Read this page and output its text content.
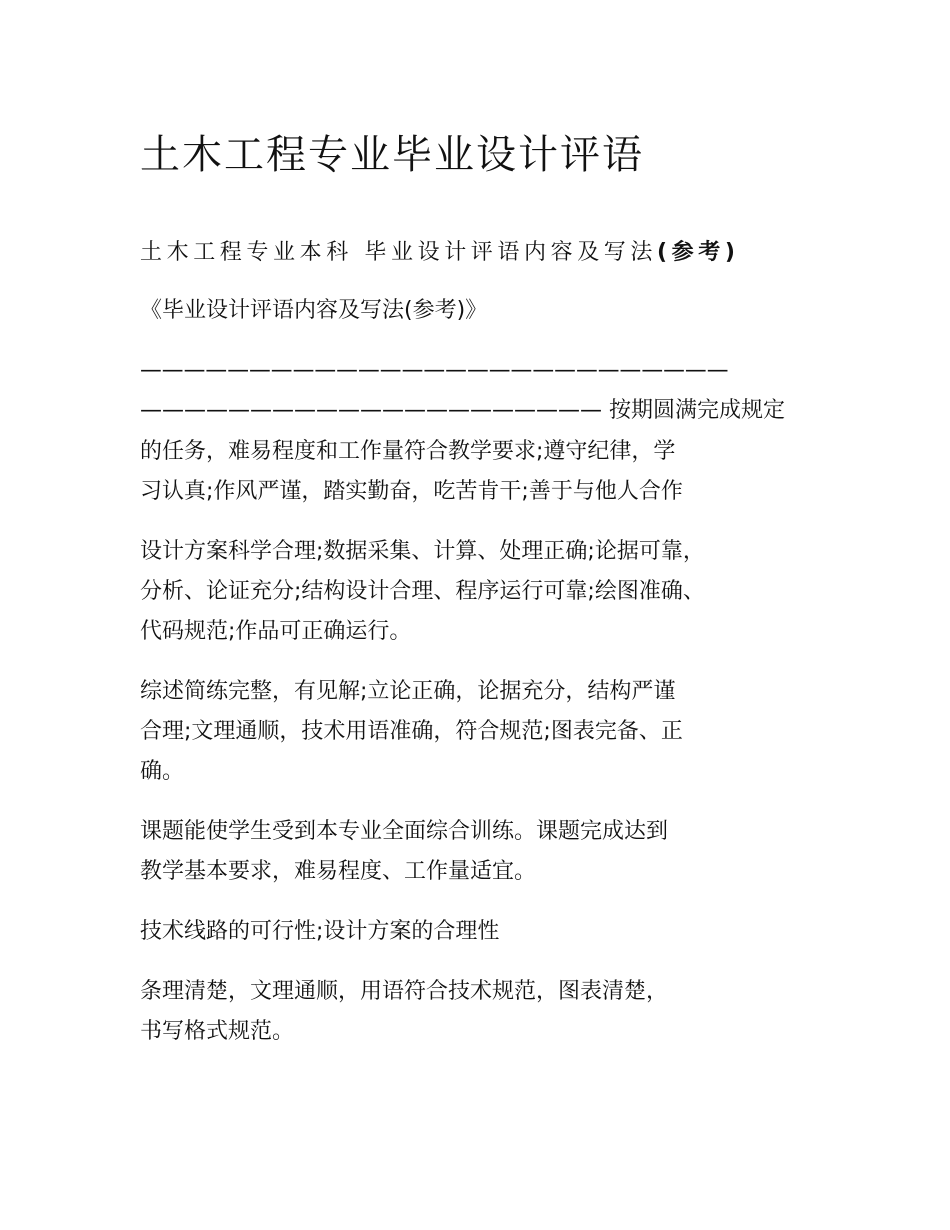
土木工程专业毕业设计评语

土木工程专业本科 毕业设计评语内容及写法(参考)

《毕业设计评语内容及写法(参考)》

———————————————————————————

————————————————————— 按期圆满完成规定

的任务，难易程度和工作量符合教学要求;遵守纪律，学

习认真;作风严谨，踏实勤奋，吃苦肯干;善于与他人合作

设计方案科学合理;数据采集、计算、处理正确;论据可靠，

分析、论证充分;结构设计合理、程序运行可靠;绘图准确、

代码规范;作品可正确运行。

综述简练完整，有见解;立论正确，论据充分，结构严谨

合理;文理通顺，技术用语准确，符合规范;图表完备、正

确。

课题能使学生受到本专业全面综合训练。课题完成达到

教学基本要求，难易程度、工作量适宜。

技术线路的可行性;设计方案的合理性

条理清楚，文理通顺，用语符合技术规范，图表清楚，

书写格式规范。
